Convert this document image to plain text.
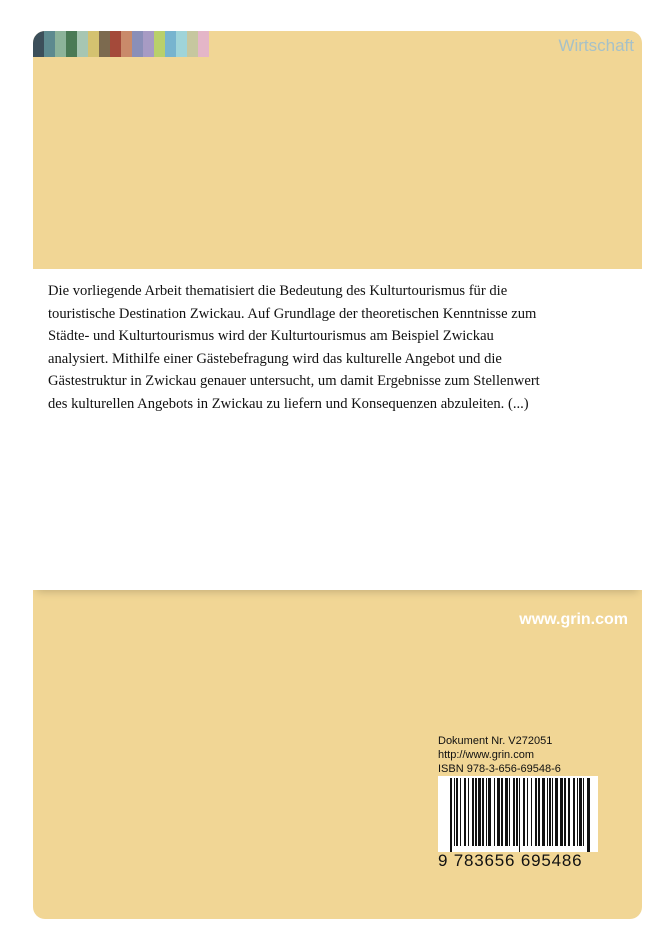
Wirtschaft

Die vorliegende Arbeit thematisiert die Bedeutung des Kulturtourismus für die touristische Destination Zwickau. Auf Grundlage der theoretischen Kenntnisse zum Städte- und Kulturtourismus wird der Kulturtourismus am Beispiel Zwickau analysiert. Mithilfe einer Gästebefragung wird das kulturelle Angebot und die Gästestruktur in Zwickau genauer untersucht, um damit Ergebnisse zum Stellenwert des kulturellen Angebots in Zwickau zu liefern und Konsequenzen abzuleiten. (...)

www.grin.com
Dokument Nr. V272051
http://www.grin.com
ISBN 978-3-656-69548-6
9 783656 695486
